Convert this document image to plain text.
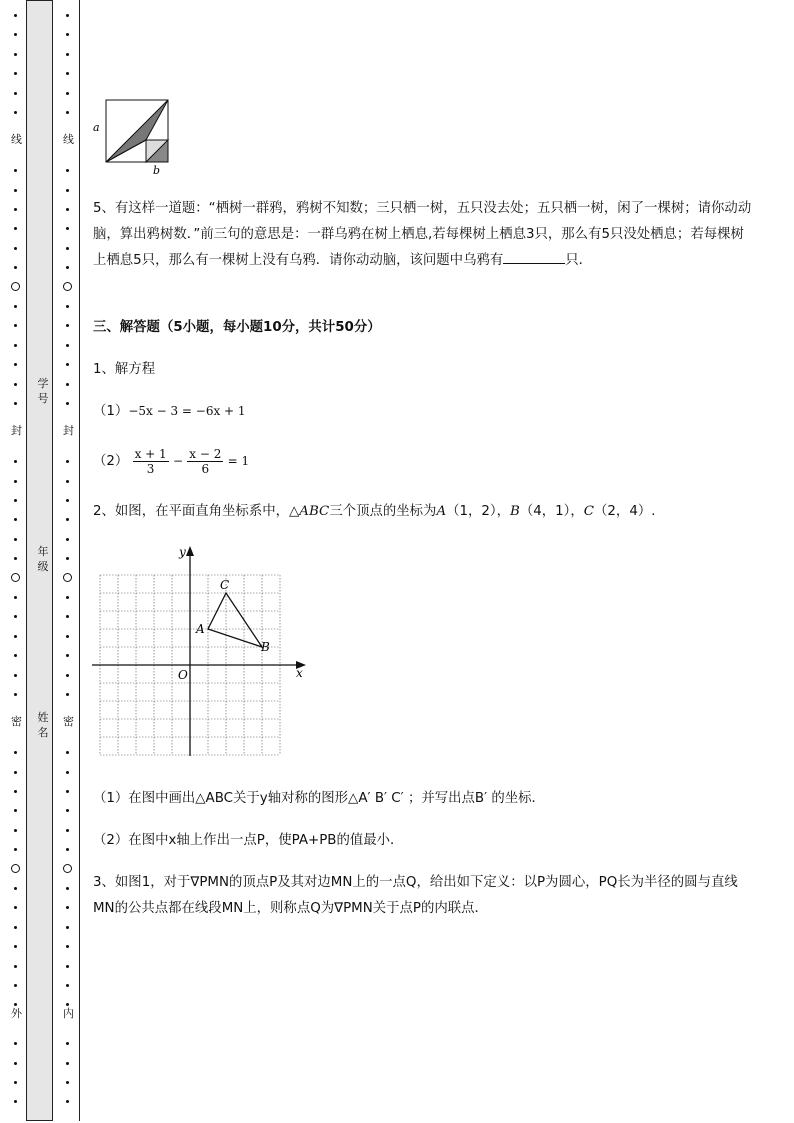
线
封
密
外
线
封
密
内
学号
年级
姓名
a
b
5、有这样一道题：“栖树一群鸦，鸦树不知数；三只栖一树，五只没去处；五只栖一树，闲了一棵树；请你动动脑，算出鸦树数．”前三句的意思是：一群乌鸦在树上栖息,若每棵树上栖息3只，那么有5只没处栖息；若每棵树上栖息5只，那么有一棵树上没有乌鸦．请你动动脑，该问题中乌鸦有	只．
三、解答题（5小题，每小题10分，共计50分）
1、解方程
（1）−5x − 3 = −6x + 1
$(2) \frac{x + 1}{3} - \frac{x - 2}{6} = 1$
2、如图，在平面直角坐标系中，△ABC三个顶点的坐标为A（1，2），B（4，1），C（2，4）.
x
y
O
A
B
C
（1）在图中画出△ABC关于y轴对称的图形△A′ B′ C′ ；并写出点B′ 的坐标．
（2）在图中x轴上作出一点P，使PA+PB的值最小．
3、如图1，对于∇PMN的顶点P及其对边MN上的一点Q，给出如下定义：以P为圆心，PQ长为半径的圆与直线MN的公共点都在线段MN上，则称点Q为∇PMN关于点P的内联点．
